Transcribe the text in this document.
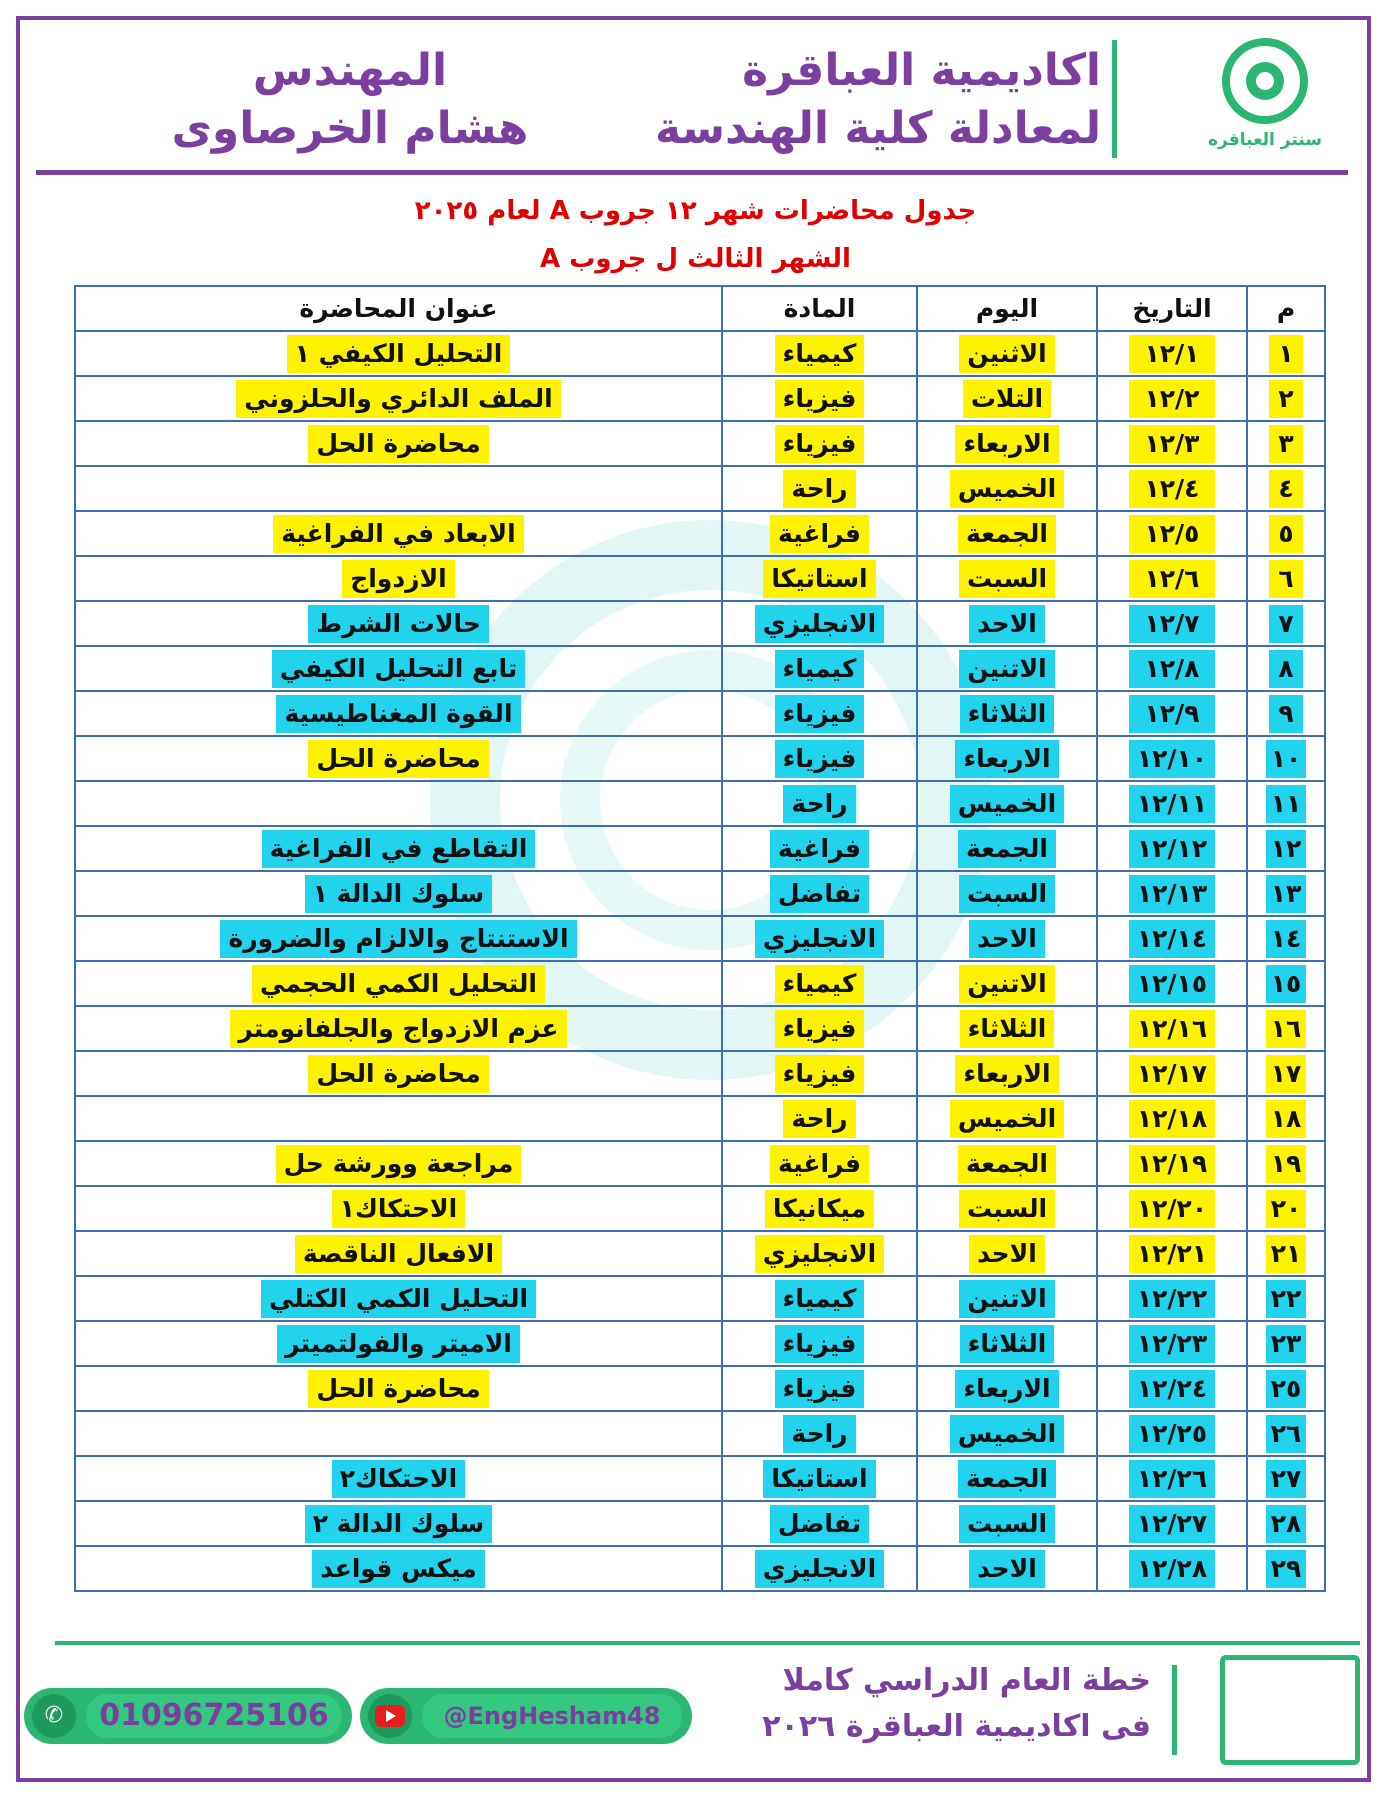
سنتر العباقره
اكاديمية العباقرة
لمعادلة كلية الهندسة
المهندس
هشام الخرصاوى
جدول محاضرات شهر ١٢ جروب A لعام ٢٠٢٥
الشهر الثالث ل جروب A
م	التاريخ	اليوم	المادة	عنوان المحاضرة
١	١٢/١	الاثنين	كيمياء	التحليل الكيفي ١
٢	١٢/٢	التلات	فيزياء	الملف الدائري والحلزوني
٣	١٢/٣	الاربعاء	فيزياء	محاضرة الحل
٤	١٢/٤	الخميس	راحة	
٥	١٢/٥	الجمعة	فراغية	الابعاد في الفراغية
٦	١٢/٦	السبت	استاتيكا	الازدواج
٧	١٢/٧	الاحد	الانجليزي	حالات الشرط
٨	١٢/٨	الاتنين	كيمياء	تابع التحليل الكيفي
٩	١٢/٩	الثلاثاء	فيزياء	القوة المغناطيسية
١٠	١٢/١٠	الاربعاء	فيزياء	محاضرة الحل
١١	١٢/١١	الخميس	راحة	
١٢	١٢/١٢	الجمعة	فراغية	التقاطع في الفراغية
١٣	١٢/١٣	السبت	تفاضل	سلوك الدالة ١
١٤	١٢/١٤	الاحد	الانجليزي	الاستنتاج والالزام والضرورة
١٥	١٢/١٥	الاتنين	كيمياء	التحليل الكمي الحجمي
١٦	١٢/١٦	الثلاثاء	فيزياء	عزم الازدواج والجلفانومتر
١٧	١٢/١٧	الاربعاء	فيزياء	محاضرة الحل
١٨	١٢/١٨	الخميس	راحة	
١٩	١٢/١٩	الجمعة	فراغية	مراجعة وورشة حل
٢٠	١٢/٢٠	السبت	ميكانيكا	الاحتكاك١
٢١	١٢/٢١	الاحد	الانجليزي	الافعال الناقصة
٢٢	١٢/٢٢	الاتنين	كيمياء	التحليل الكمي الكتلي
٢٣	١٢/٢٣	الثلاثاء	فيزياء	الاميتر والفولتميتر
٢٥	١٢/٢٤	الاربعاء	فيزياء	محاضرة الحل
٢٦	١٢/٢٥	الخميس	راحة	
٢٧	١٢/٢٦	الجمعة	استاتيكا	الاحتكاك٢
٢٨	١٢/٢٧	السبت	تفاضل	سلوك الدالة ٢
٢٩	١٢/٢٨	الاحد	الانجليزي	ميكس قواعد
خطة العام الدراسي كاملا
فى اكاديمية العباقرة ٢٠٢٦
@EngHesham48
✆	01096725106
